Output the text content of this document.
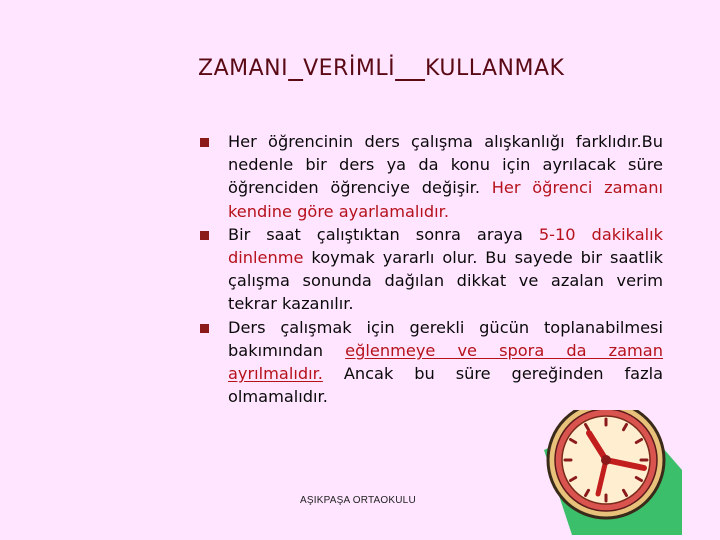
ZAMANI VERİMLİ KULLANMAK
Her öğrencinin ders çalışma alışkanlığı farklıdır.Bu nedenle bir ders ya da konu için ayrılacak süre öğrenciden öğrenciye değişir. Her öğrenci zamanı kendine göre ayarlamalıdır.
Bir saat çalıştıktan sonra araya 5-10 dakikalık dinlenme koymak yararlı olur. Bu sayede bir saatlik çalışma sonunda dağılan dikkat ve azalan verim tekrar kazanılır.
Ders çalışmak için gerekli gücün toplanabilmesi bakımından eğlenmeye ve spora da zaman ayrılmalıdır. Ancak bu süre gereğinden fazla olmamalıdır.
AŞIKPAŞA ORTAOKULU
